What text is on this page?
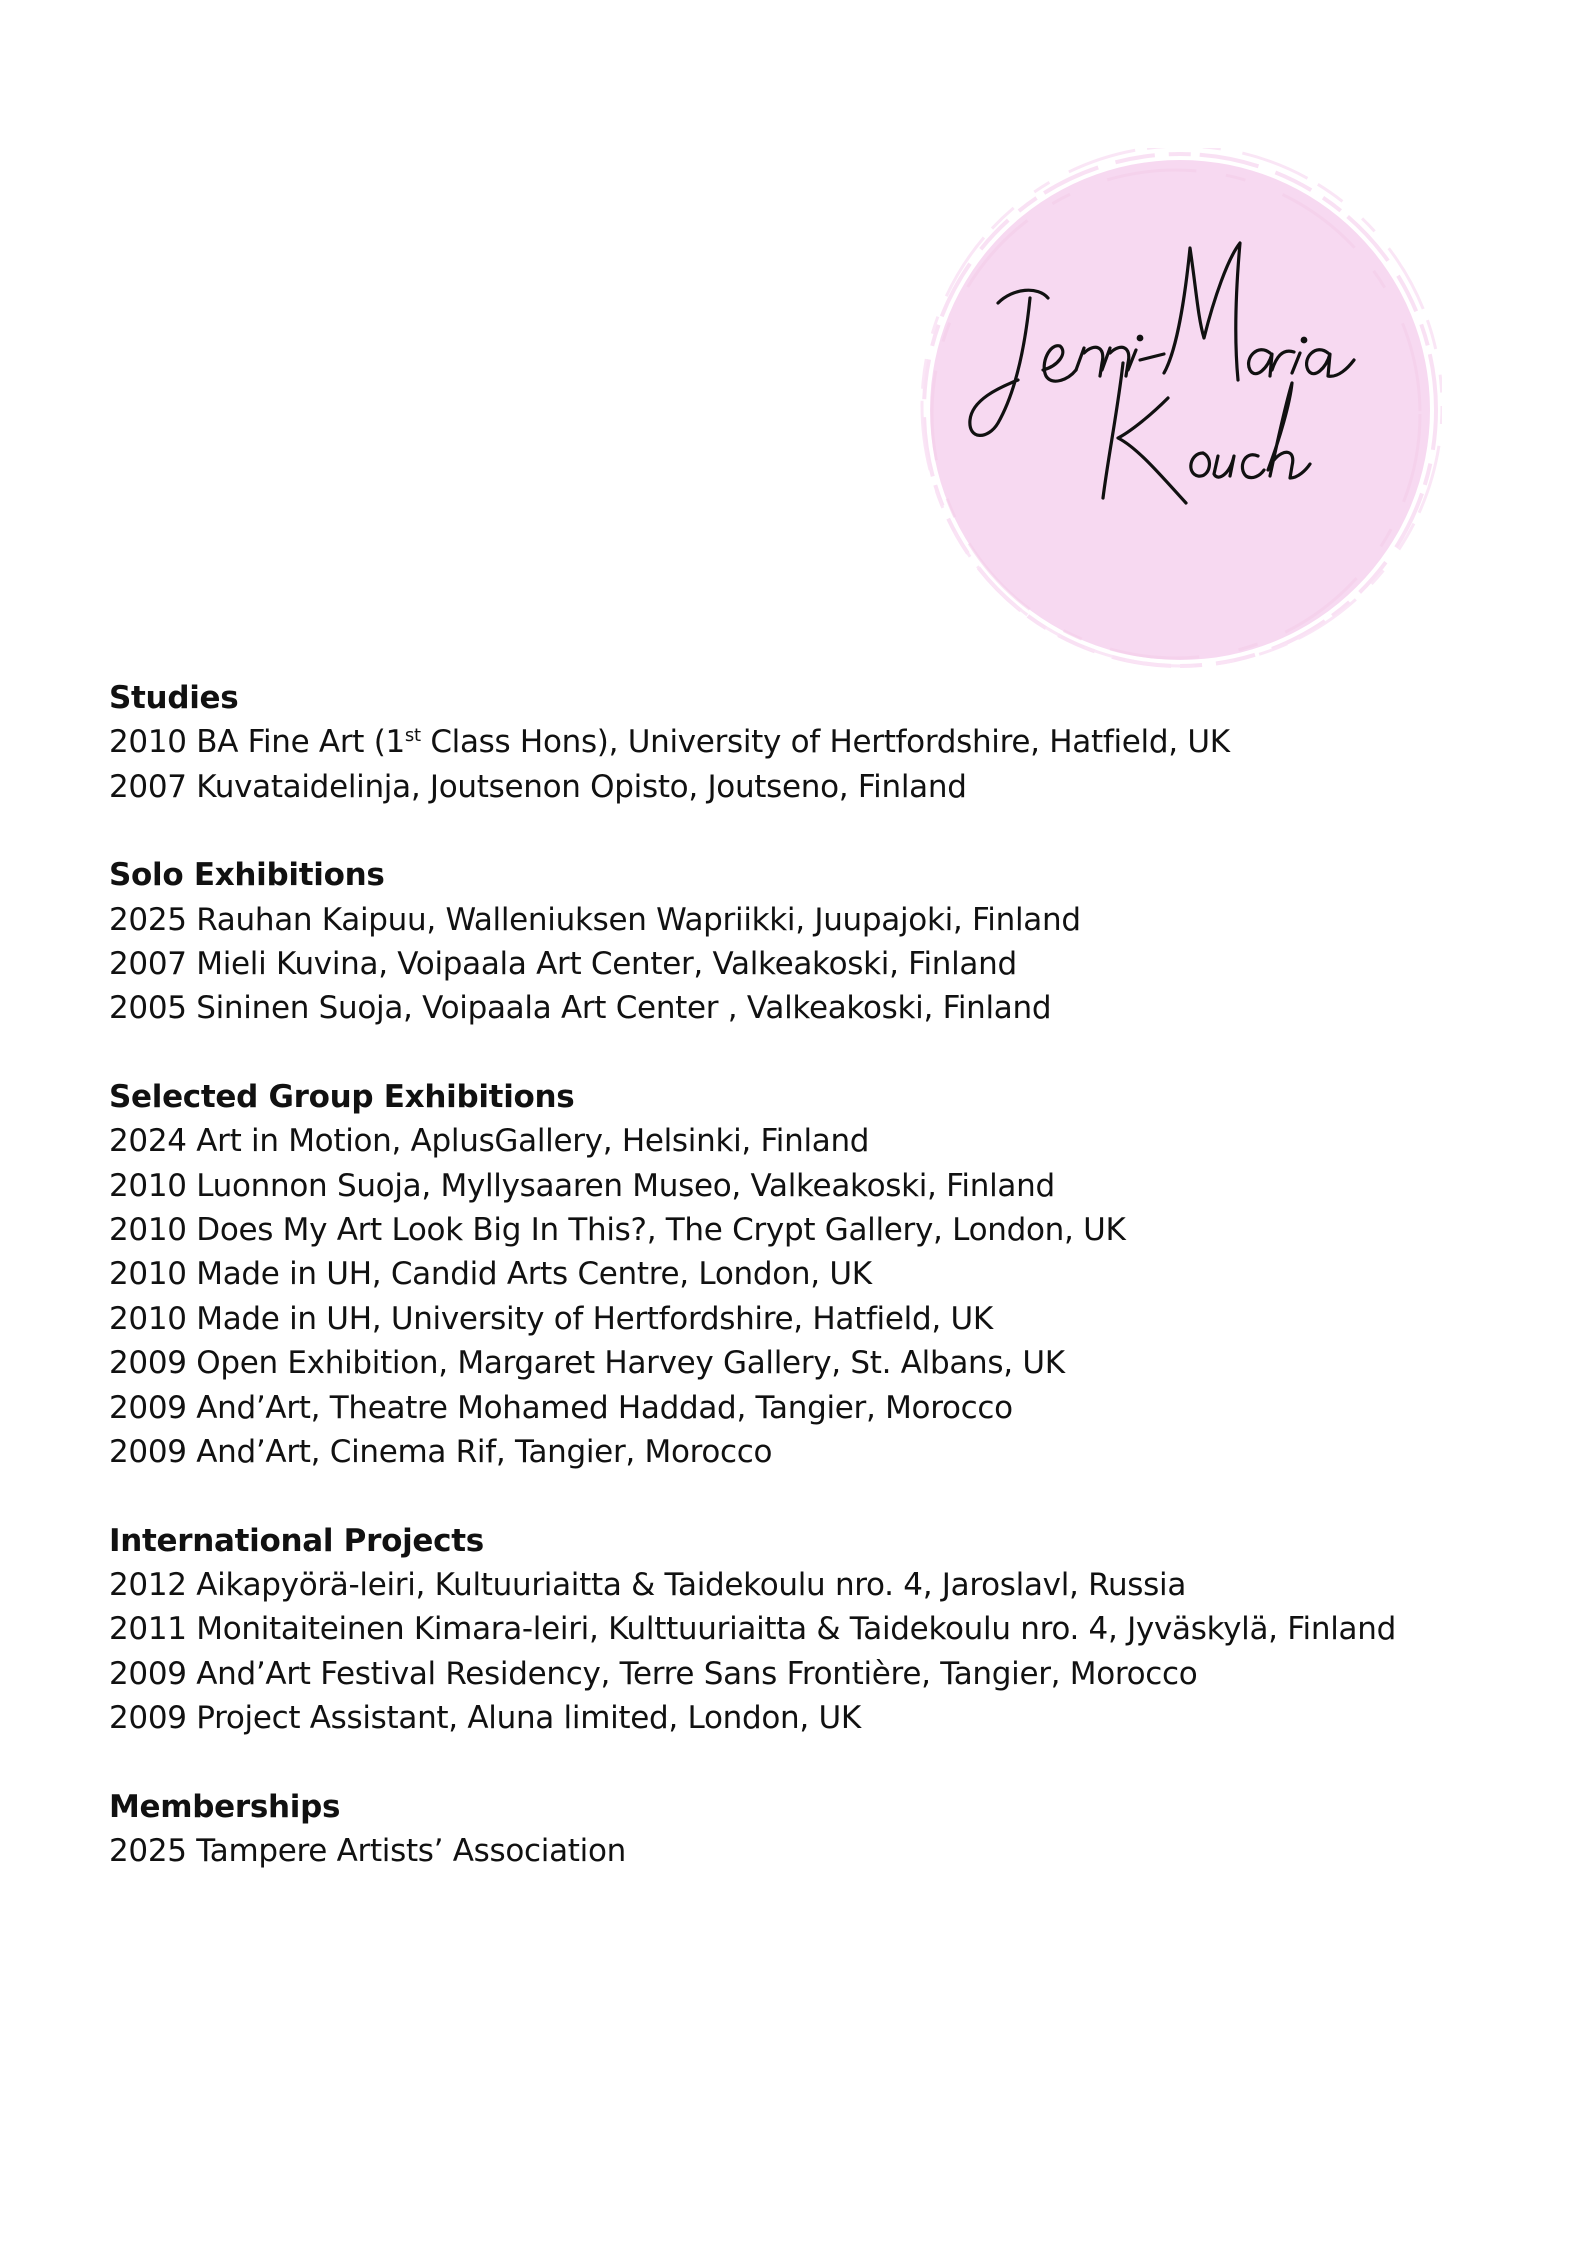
Studies

2010 BA Fine Art (1st Class Hons), University of Hertfordshire, Hatfield, UK

2007 Kuvataidelinja, Joutsenon Opisto, Joutseno, Finland

Solo Exhibitions

2025 Rauhan Kaipuu, Walleniuksen Wapriikki, Juupajoki, Finland

2007 Mieli Kuvina, Voipaala Art Center, Valkeakoski, Finland

2005 Sininen Suoja, Voipaala Art Center , Valkeakoski, Finland

Selected Group Exhibitions

2024 Art in Motion, AplusGallery, Helsinki, Finland

2010 Luonnon Suoja, Myllysaaren Museo, Valkeakoski, Finland

2010 Does My Art Look Big In This?, The Crypt Gallery, London, UK

2010 Made in UH, Candid Arts Centre, London, UK

2010 Made in UH, University of Hertfordshire, Hatfield, UK

2009 Open Exhibition, Margaret Harvey Gallery, St. Albans, UK

2009 And’Art, Theatre Mohamed Haddad, Tangier, Morocco

2009 And’Art, Cinema Rif, Tangier, Morocco

International Projects

2012 Aikapyörä-leiri, Kultuuriaitta & Taidekoulu nro. 4, Jaroslavl, Russia

2011 Monitaiteinen Kimara-leiri, Kulttuuriaitta & Taidekoulu nro. 4, Jyväskylä, Finland

2009 And’Art Festival Residency, Terre Sans Frontière, Tangier, Morocco

2009 Project Assistant, Aluna limited, London, UK

Memberships

2025 Tampere Artists’ Association
